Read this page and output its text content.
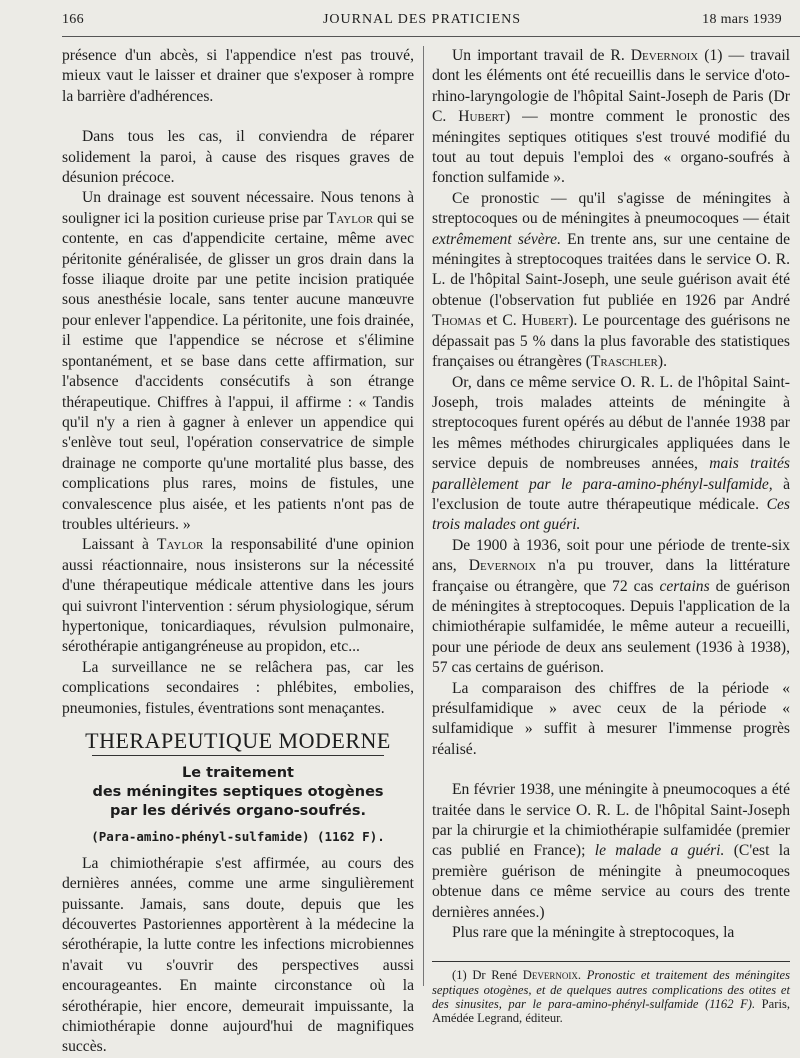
166	JOURNAL DES PRATICIENS	18 mars 1939

présence d'un abcès, si l'appendice n'est pas trouvé, mieux vaut le laisser et drainer que s'exposer à rompre la barrière d'adhérences.

Dans tous les cas, il conviendra de réparer solidement la paroi, à cause des risques graves de désunion précoce.

Un drainage est souvent nécessaire. Nous tenons à souligner ici la position curieuse prise par Taylor qui se contente, en cas d'appendicite certaine, même avec péritonite généralisée, de glisser un gros drain dans la fosse iliaque droite par une petite incision pratiquée sous anesthésie locale, sans tenter aucune manœuvre pour enlever l'appendice. La péritonite, une fois drainée, il estime que l'appendice se nécrose et s'élimine spontanément, et se base dans cette affirmation, sur l'absence d'accidents consécutifs à son étrange thérapeutique. Chiffres à l'appui, il affirme : « Tandis qu'il n'y a rien à gagner à enlever un appendice qui s'enlève tout seul, l'opération conservatrice de simple drainage ne comporte qu'une mortalité plus basse, des complications plus rares, moins de fistules, une convalescence plus aisée, et les patients n'ont pas de troubles ultérieurs. »

Laissant à Taylor la responsabilité d'une opinion aussi réactionnaire, nous insisterons sur la nécessité d'une thérapeutique médicale attentive dans les jours qui suivront l'intervention : sérum physiologique, sérum hypertonique, tonicardiaques, révulsion pulmonaire, sérothérapie antigangréneuse au propidon, etc...

La surveillance ne se relâchera pas, car les complications secondaires : phlébites, embolies, pneumonies, fistules, éventrations sont menaçantes.

THERAPEUTIQUE MODERNE
Le traitement
des méningites septiques otogènes
par les dérivés organo-soufrés.
(Para-amino-phényl-sulfamide) (1162 F).

La chimiothérapie s'est affirmée, au cours des dernières années, comme une arme singulièrement puissante. Jamais, sans doute, depuis que les découvertes Pastoriennes apportèrent à la médecine la sérothérapie, la lutte contre les infections microbiennes n'avait vu s'ouvrir des perspectives aussi encourageantes. En mainte circonstance où la sérothérapie, hier encore, demeurait impuissante, la chimiothérapie donne aujourd'hui de magnifiques succès.

Un important travail de R. Devernoix (1) — travail dont les éléments ont été recueillis dans le service d'oto-rhino-laryngologie de l'hôpital Saint-Joseph de Paris (Dr C. Hubert) — montre comment le pronostic des méningites septiques otitiques s'est trouvé modifié du tout au tout depuis l'emploi des « organo-soufrés à fonction sulfamide ».

Ce pronostic — qu'il s'agisse de méningites à streptocoques ou de méningites à pneumocoques — était extrêmement sévère. En trente ans, sur une centaine de méningites à streptocoques traitées dans le service O. R. L. de l'hôpital Saint-Joseph, une seule guérison avait été obtenue (l'observation fut publiée en 1926 par André Thomas et C. Hubert). Le pourcentage des guérisons ne dépassait pas 5 % dans la plus favorable des statistiques françaises ou étrangères (Traschler).

Or, dans ce même service O. R. L. de l'hôpital Saint-Joseph, trois malades atteints de méningite à streptocoques furent opérés au début de l'année 1938 par les mêmes méthodes chirurgicales appliquées dans le service depuis de nombreuses années, mais traités parallèlement par le para-amino-phényl-sulfamide, à l'exclusion de toute autre thérapeutique médicale. Ces trois malades ont guéri.

De 1900 à 1936, soit pour une période de trente-six ans, Devernoix n'a pu trouver, dans la littérature française ou étrangère, que 72 cas certains de guérison de méningites à streptocoques. Depuis l'application de la chimiothérapie sulfamidée, le même auteur a recueilli, pour une période de deux ans seulement (1936 à 1938), 57 cas certains de guérison.

La comparaison des chiffres de la période « présulfamidique » avec ceux de la période « sulfamidique » suffit à mesurer l'immense progrès réalisé.

En février 1938, une méningite à pneumocoques a été traitée dans le service O. R. L. de l'hôpital Saint-Joseph par la chirurgie et la chimiothérapie sulfamidée (premier cas publié en France); le malade a guéri. (C'est la première guérison de méningite à pneumocoques obtenue dans ce même service au cours des trente dernières années.)

Plus rare que la méningite à streptocoques, la

(1) Dr René Devernoix. Pronostic et traitement des méningites septiques otogènes, et de quelques autres complications des otites et des sinusites, par le para-amino-phényl-sulfamide (1162 F). Paris, Amédée Legrand, éditeur.
